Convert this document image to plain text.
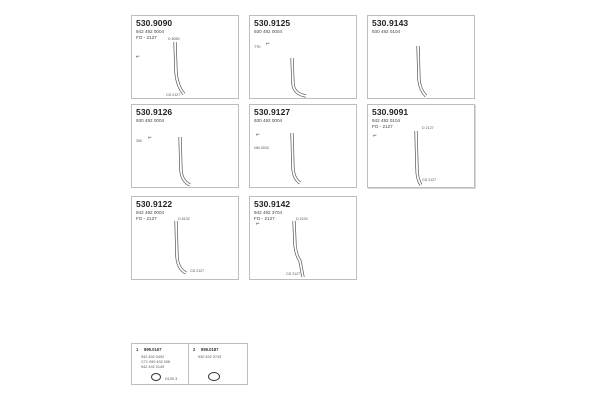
530.9090
942 492 0004
FO - 2127	D 8050
CD 0127
⌐
530.9125
930 492 0004
TTK ⌐
530.9143
930 492 0104
530.9126
930 492 0004
350 ⌐
530.9127
930 492 0004
NM-3033
⌐
530.9091
942 492 0104
FO - 2127	D 2127
CD 2127
⌐
530.9122
942 492 0004
FO - 2127	D 8132
CD 2127
530.9142
942 492 3704
FO - 2127	D 2100
CD 2127
⌐
1 899.0167
942 492 0492
C71 099 492 006
942 492 0149
D100.3
2 899.0187
930 492 0743
